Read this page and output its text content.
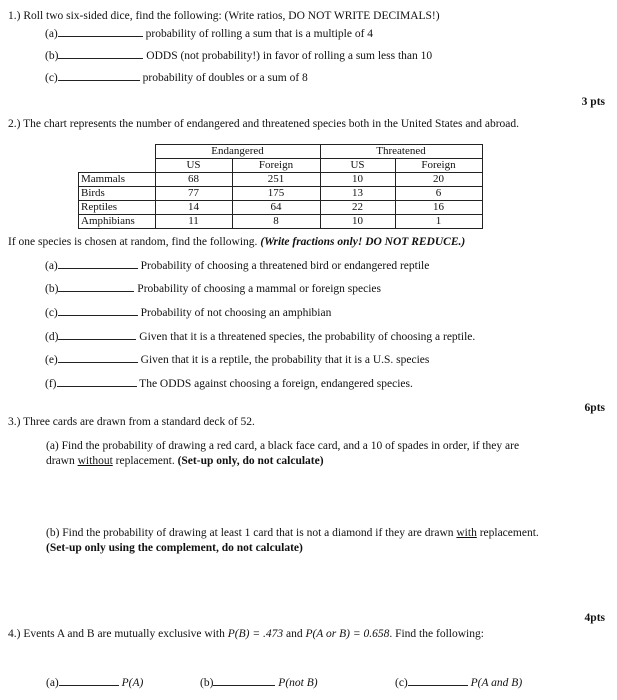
1.) Roll two six-sided dice, find the following: (Write ratios, DO NOT WRITE DECIMALS!)
(a)	probability of rolling a sum that is a multiple of 4
(b)	ODDS (not probability!) in favor of rolling a sum less than 10
(c)	probability of doubles or a sum of 8
3 pts
2.) The chart represents the number of endangered and threatened species both in the United States and abroad.
	Endangered		Threatened	
	US	Foreign	US	Foreign
Mammals	68	251	10	20
Birds	77	175	13	6
Reptiles	14	64	22	16
Amphibians	11	8	10	1
If one species is chosen at random, find the following. (Write fractions only! DO NOT REDUCE.)
(a)	Probability of choosing a threatened bird or endangered reptile
(b)	Probability of choosing a mammal or foreign species
(c)	Probability of not choosing an amphibian
(d)	Given that it is a threatened species, the probability of choosing a reptile.
(e)	Given that it is a reptile, the probability that it is a U.S. species
(f)	The ODDS against choosing a foreign, endangered species.
6pts
3.) Three cards are drawn from a standard deck of 52.
(a) Find the probability of drawing a red card, a black face card, and a 10 of spades in order, if they are
drawn without replacement. (Set-up only, do not calculate)
(b) Find the probability of drawing at least 1 card that is not a diamond if they are drawn with replacement.
(Set-up only using the complement, do not calculate)
4pts
4.) Events A and B are mutually exclusive with P(B) = .473 and P(A or B) = 0.658. Find the following:
(a)	P(A)	(b)	P(not B)	(c)	P(A and B)
